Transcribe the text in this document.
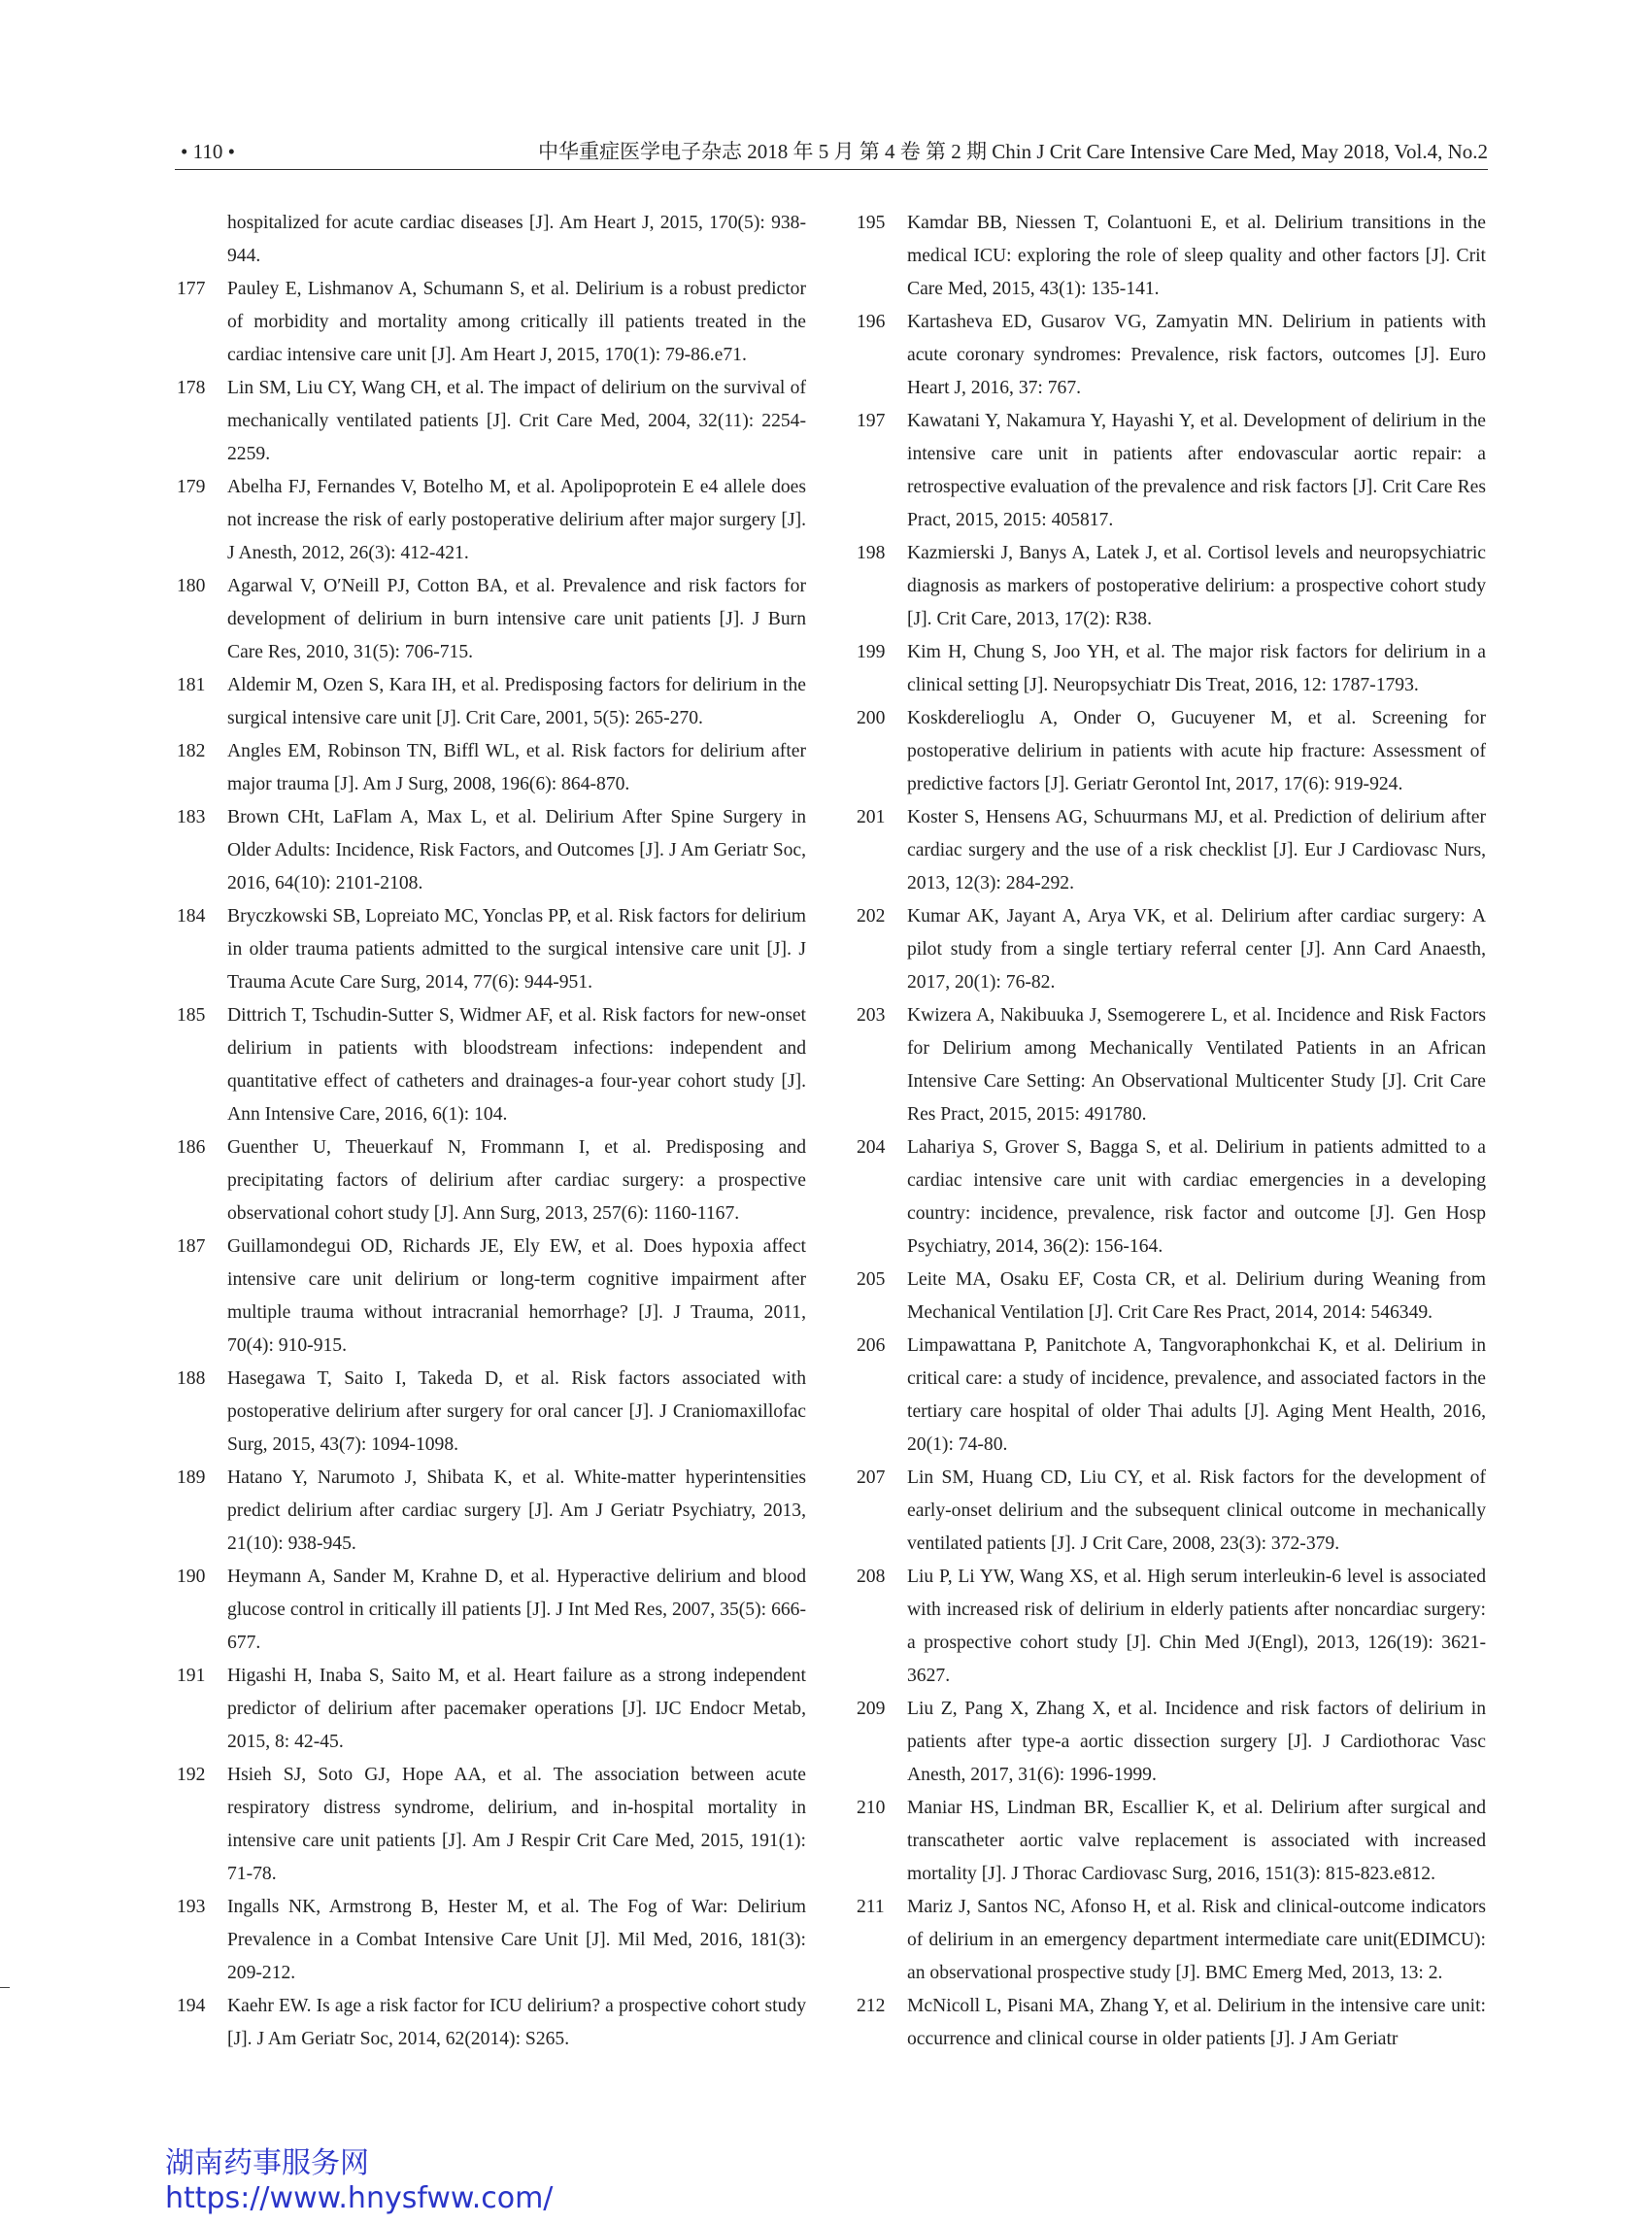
• 110 •	中华重症医学电子杂志 2018 年 5 月 第 4 卷 第 2 期 Chin J Crit Care Intensive Care Med, May 2018, Vol.4, No.2
hospitalized for acute cardiac diseases [J]. Am Heart J, 2015, 170(5): 938-944.
177	Pauley E, Lishmanov A, Schumann S, et al. Delirium is a robust predictor of morbidity and mortality among critically ill patients treated in the cardiac intensive care unit [J]. Am Heart J, 2015, 170(1): 79-86.e71.
178	Lin SM, Liu CY, Wang CH, et al. The impact of delirium on the survival of mechanically ventilated patients [J]. Crit Care Med, 2004, 32(11): 2254-2259.
179	Abelha FJ, Fernandes V, Botelho M, et al. Apolipoprotein E e4 allele does not increase the risk of early postoperative delirium after major surgery [J]. J Anesth, 2012, 26(3): 412-421.
180	Agarwal V, O′Neill PJ, Cotton BA, et al. Prevalence and risk factors for development of delirium in burn intensive care unit patients [J]. J Burn Care Res, 2010, 31(5): 706-715.
181	Aldemir M, Ozen S, Kara IH, et al. Predisposing factors for delirium in the surgical intensive care unit [J]. Crit Care, 2001, 5(5): 265-270.
182	Angles EM, Robinson TN, Biffl WL, et al. Risk factors for delirium after major trauma [J]. Am J Surg, 2008, 196(6): 864-870.
183	Brown CHt, LaFlam A, Max L, et al. Delirium After Spine Surgery in Older Adults: Incidence, Risk Factors, and Outcomes [J]. J Am Geriatr Soc, 2016, 64(10): 2101-2108.
184	Bryczkowski SB, Lopreiato MC, Yonclas PP, et al. Risk factors for delirium in older trauma patients admitted to the surgical intensive care unit [J]. J Trauma Acute Care Surg, 2014, 77(6): 944-951.
185	Dittrich T, Tschudin-Sutter S, Widmer AF, et al. Risk factors for new-onset delirium in patients with bloodstream infections: independent and quantitative effect of catheters and drainages-a four-year cohort study [J]. Ann Intensive Care, 2016, 6(1): 104.
186	Guenther U, Theuerkauf N, Frommann I, et al. Predisposing and precipitating factors of delirium after cardiac surgery: a prospective observational cohort study [J]. Ann Surg, 2013, 257(6): 1160-1167.
187	Guillamondegui OD, Richards JE, Ely EW, et al. Does hypoxia affect intensive care unit delirium or long-term cognitive impairment after multiple trauma without intracranial hemorrhage? [J]. J Trauma, 2011, 70(4): 910-915.
188	Hasegawa T, Saito I, Takeda D, et al. Risk factors associated with postoperative delirium after surgery for oral cancer [J]. J Craniomaxillofac Surg, 2015, 43(7): 1094-1098.
189	Hatano Y, Narumoto J, Shibata K, et al. White-matter hyperintensities predict delirium after cardiac surgery [J]. Am J Geriatr Psychiatry, 2013, 21(10): 938-945.
190	Heymann A, Sander M, Krahne D, et al. Hyperactive delirium and blood glucose control in critically ill patients [J]. J Int Med Res, 2007, 35(5): 666-677.
191	Higashi H, Inaba S, Saito M, et al. Heart failure as a strong independent predictor of delirium after pacemaker operations [J]. IJC Endocr Metab, 2015, 8: 42-45.
192	Hsieh SJ, Soto GJ, Hope AA, et al. The association between acute respiratory distress syndrome, delirium, and in-hospital mortality in intensive care unit patients [J]. Am J Respir Crit Care Med, 2015, 191(1): 71-78.
193	Ingalls NK, Armstrong B, Hester M, et al. The Fog of War: Delirium Prevalence in a Combat Intensive Care Unit [J]. Mil Med, 2016, 181(3): 209-212.
194	Kaehr EW. Is age a risk factor for ICU delirium? a prospective cohort study [J]. J Am Geriatr Soc, 2014, 62(2014): S265.
195	Kamdar BB, Niessen T, Colantuoni E, et al. Delirium transitions in the medical ICU: exploring the role of sleep quality and other factors [J]. Crit Care Med, 2015, 43(1): 135-141.
196	Kartasheva ED, Gusarov VG, Zamyatin MN. Delirium in patients with acute coronary syndromes: Prevalence, risk factors, outcomes [J]. Euro Heart J, 2016, 37: 767.
197	Kawatani Y, Nakamura Y, Hayashi Y, et al. Development of delirium in the intensive care unit in patients after endovascular aortic repair: a retrospective evaluation of the prevalence and risk factors [J]. Crit Care Res Pract, 2015, 2015: 405817.
198	Kazmierski J, Banys A, Latek J, et al. Cortisol levels and neuropsychiatric diagnosis as markers of postoperative delirium: a prospective cohort study [J]. Crit Care, 2013, 17(2): R38.
199	Kim H, Chung S, Joo YH, et al. The major risk factors for delirium in a clinical setting [J]. Neuropsychiatr Dis Treat, 2016, 12: 1787-1793.
200	Koskderelioglu A, Onder O, Gucuyener M, et al. Screening for postoperative delirium in patients with acute hip fracture: Assessment of predictive factors [J]. Geriatr Gerontol Int, 2017, 17(6): 919-924.
201	Koster S, Hensens AG, Schuurmans MJ, et al. Prediction of delirium after cardiac surgery and the use of a risk checklist [J]. Eur J Cardiovasc Nurs, 2013, 12(3): 284-292.
202	Kumar AK, Jayant A, Arya VK, et al. Delirium after cardiac surgery: A pilot study from a single tertiary referral center [J]. Ann Card Anaesth, 2017, 20(1): 76-82.
203	Kwizera A, Nakibuuka J, Ssemogerere L, et al. Incidence and Risk Factors for Delirium among Mechanically Ventilated Patients in an African Intensive Care Setting: An Observational Multicenter Study [J]. Crit Care Res Pract, 2015, 2015: 491780.
204	Lahariya S, Grover S, Bagga S, et al. Delirium in patients admitted to a cardiac intensive care unit with cardiac emergencies in a developing country: incidence, prevalence, risk factor and outcome [J]. Gen Hosp Psychiatry, 2014, 36(2): 156-164.
205	Leite MA, Osaku EF, Costa CR, et al. Delirium during Weaning from Mechanical Ventilation [J]. Crit Care Res Pract, 2014, 2014: 546349.
206	Limpawattana P, Panitchote A, Tangvoraphonkchai K, et al. Delirium in critical care: a study of incidence, prevalence, and associated factors in the tertiary care hospital of older Thai adults [J]. Aging Ment Health, 2016, 20(1): 74-80.
207	Lin SM, Huang CD, Liu CY, et al. Risk factors for the development of early-onset delirium and the subsequent clinical outcome in mechanically ventilated patients [J]. J Crit Care, 2008, 23(3): 372-379.
208	Liu P, Li YW, Wang XS, et al. High serum interleukin-6 level is associated with increased risk of delirium in elderly patients after noncardiac surgery: a prospective cohort study [J]. Chin Med J(Engl), 2013, 126(19): 3621-3627.
209	Liu Z, Pang X, Zhang X, et al. Incidence and risk factors of delirium in patients after type-a aortic dissection surgery [J]. J Cardiothorac Vasc Anesth, 2017, 31(6): 1996-1999.
210	Maniar HS, Lindman BR, Escallier K, et al. Delirium after surgical and transcatheter aortic valve replacement is associated with increased mortality [J]. J Thorac Cardiovasc Surg, 2016, 151(3): 815-823.e812.
211	Mariz J, Santos NC, Afonso H, et al. Risk and clinical-outcome indicators of delirium in an emergency department intermediate care unit(EDIMCU): an observational prospective study [J]. BMC Emerg Med, 2013, 13: 2.
212	McNicoll L, Pisani MA, Zhang Y, et al. Delirium in the intensive care unit: occurrence and clinical course in older patients [J]. J Am Geriatr
湖南药事服务网
https://www.hnysfww.com/
